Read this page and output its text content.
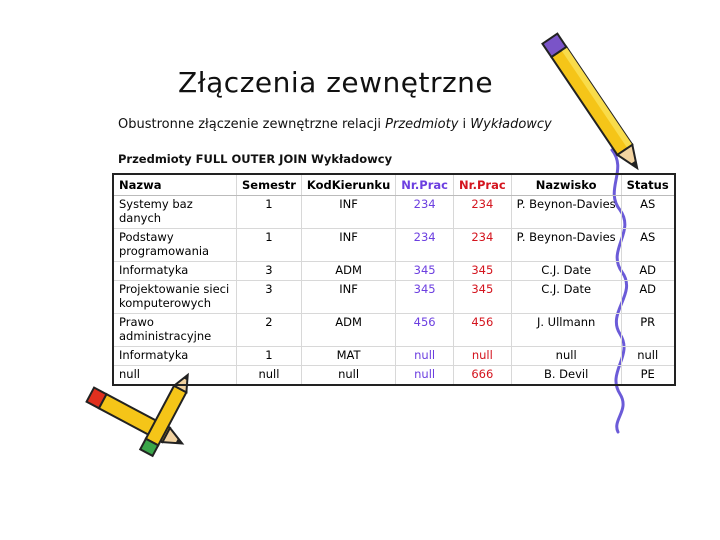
Złączenia zewnętrzne
Obustronne złączenie zewnętrzne relacji Przedmioty i Wykładowcy
Przedmioty FULL OUTER JOIN Wykładowcy
Nazwa	Semestr	KodKierunku	Nr.Prac	Nr.Prac	Nazwisko	Status
Systemy baz danych	1	INF	234	234	P. Beynon-Davies	AS
Podstawy programowania	1	INF	234	234	P. Beynon-Davies	AS
Informatyka	3	ADM	345	345	C.J. Date	AD
Projektowanie sieci komputerowych	3	INF	345	345	C.J. Date	AD
Prawo administracyjne	2	ADM	456	456	J. Ullmann	PR
Informatyka	1	MAT	null	null	null	null
null	null	null	null	666	B. Devil	PE
